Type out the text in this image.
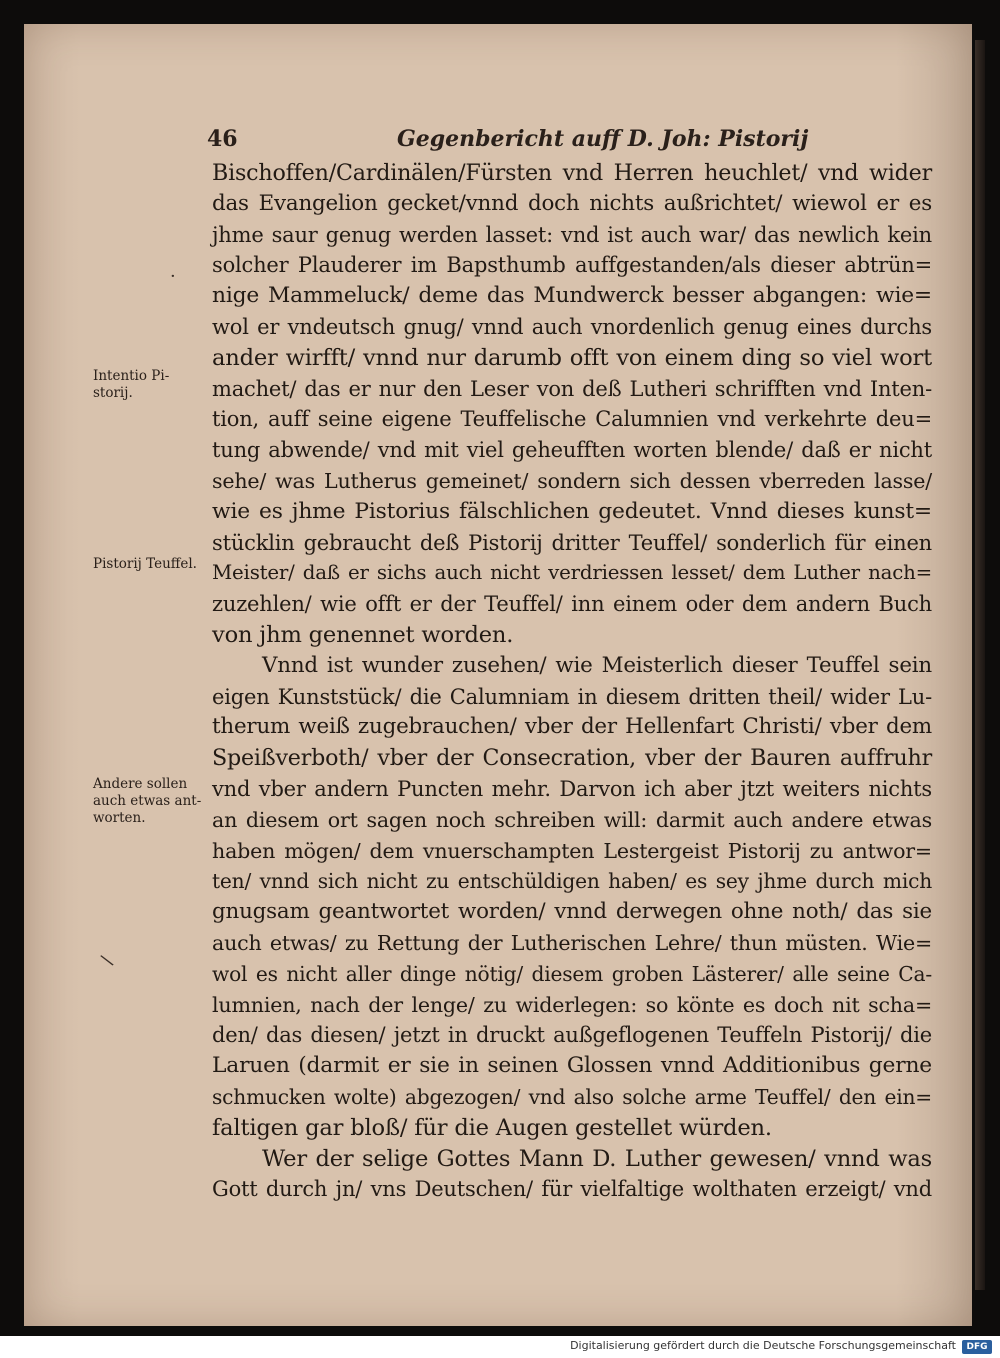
46	Gegenbericht auff D. Joh: Pistorij
·
\
Intentio Pi-
storij.
Pistorij Teuffel.
Andere sollen
auch etwas ant-
worten.
Bischoffen/Cardinälen/Fürsten vnd Herren heuchlet/ vnd wider
das Evangelion gecket/vnnd doch nichts außrichtet/ wiewol er es
jhme saur genug werden lasset: vnd ist auch war/ das newlich kein
solcher Plauderer im Bapsthumb auffgestanden/als dieser abtrün=
nige Mammeluck/ deme das Mundwerck besser abgangen: wie=
wol er vndeutsch gnug/ vnnd auch vnordenlich genug eines durchs
ander wirfft/ vnnd nur darumb offt von einem ding so viel wort
machet/ das er nur den Leser von deß Lutheri schrifften vnd Inten-
tion, auff seine eigene Teuffelische Calumnien vnd verkehrte deu=
tung abwende/ vnd mit viel geheufften worten blende/ daß er nicht
sehe/ was Lutherus gemeinet/ sondern sich dessen vberreden lasse/
wie es jhme Pistorius fälschlichen gedeutet. Vnnd dieses kunst=
stücklin gebraucht deß Pistorij dritter Teuffel/ sonderlich für einen
Meister/ daß er sichs auch nicht verdriessen lesset/ dem Luther nach=
zuzehlen/ wie offt er der Teuffel/ inn einem oder dem andern Buch
von jhm genennet worden.
Vnnd ist wunder zusehen/ wie Meisterlich dieser Teuffel sein
eigen Kunststück/ die Calumniam in diesem dritten theil/ wider Lu-
therum weiß zugebrauchen/ vber der Hellenfart Christi/ vber dem
Speißverboth/ vber der Consecration, vber der Bauren auffruhr
vnd vber andern Puncten mehr. Darvon ich aber jtzt weiters nichts
an diesem ort sagen noch schreiben will: darmit auch andere etwas
haben mögen/ dem vnuerschampten Lestergeist Pistorij zu antwor=
ten/ vnnd sich nicht zu entschüldigen haben/ es sey jhme durch mich
gnugsam geantwortet worden/ vnnd derwegen ohne noth/ das sie
auch etwas/ zu Rettung der Lutherischen Lehre/ thun müsten. Wie=
wol es nicht aller dinge nötig/ diesem groben Lästerer/ alle seine Ca-
lumnien, nach der lenge/ zu widerlegen: so könte es doch nit scha=
den/ das diesen/ jetzt in druckt außgeflogenen Teuffeln Pistorij/ die
Laruen (darmit er sie in seinen Glossen vnnd Additionibus gerne
schmucken wolte) abgezogen/ vnd also solche arme Teuffel/ den ein=
faltigen gar bloß/ für die Augen gestellet würden.
Wer der selige Gottes Mann D. Luther gewesen/ vnnd was
Gott durch jn/ vns Deutschen/ für vielfaltige wolthaten erzeigt/ vnd
Digitalisierung gefördert durch die Deutsche Forschungsgemeinschaft	DFG
